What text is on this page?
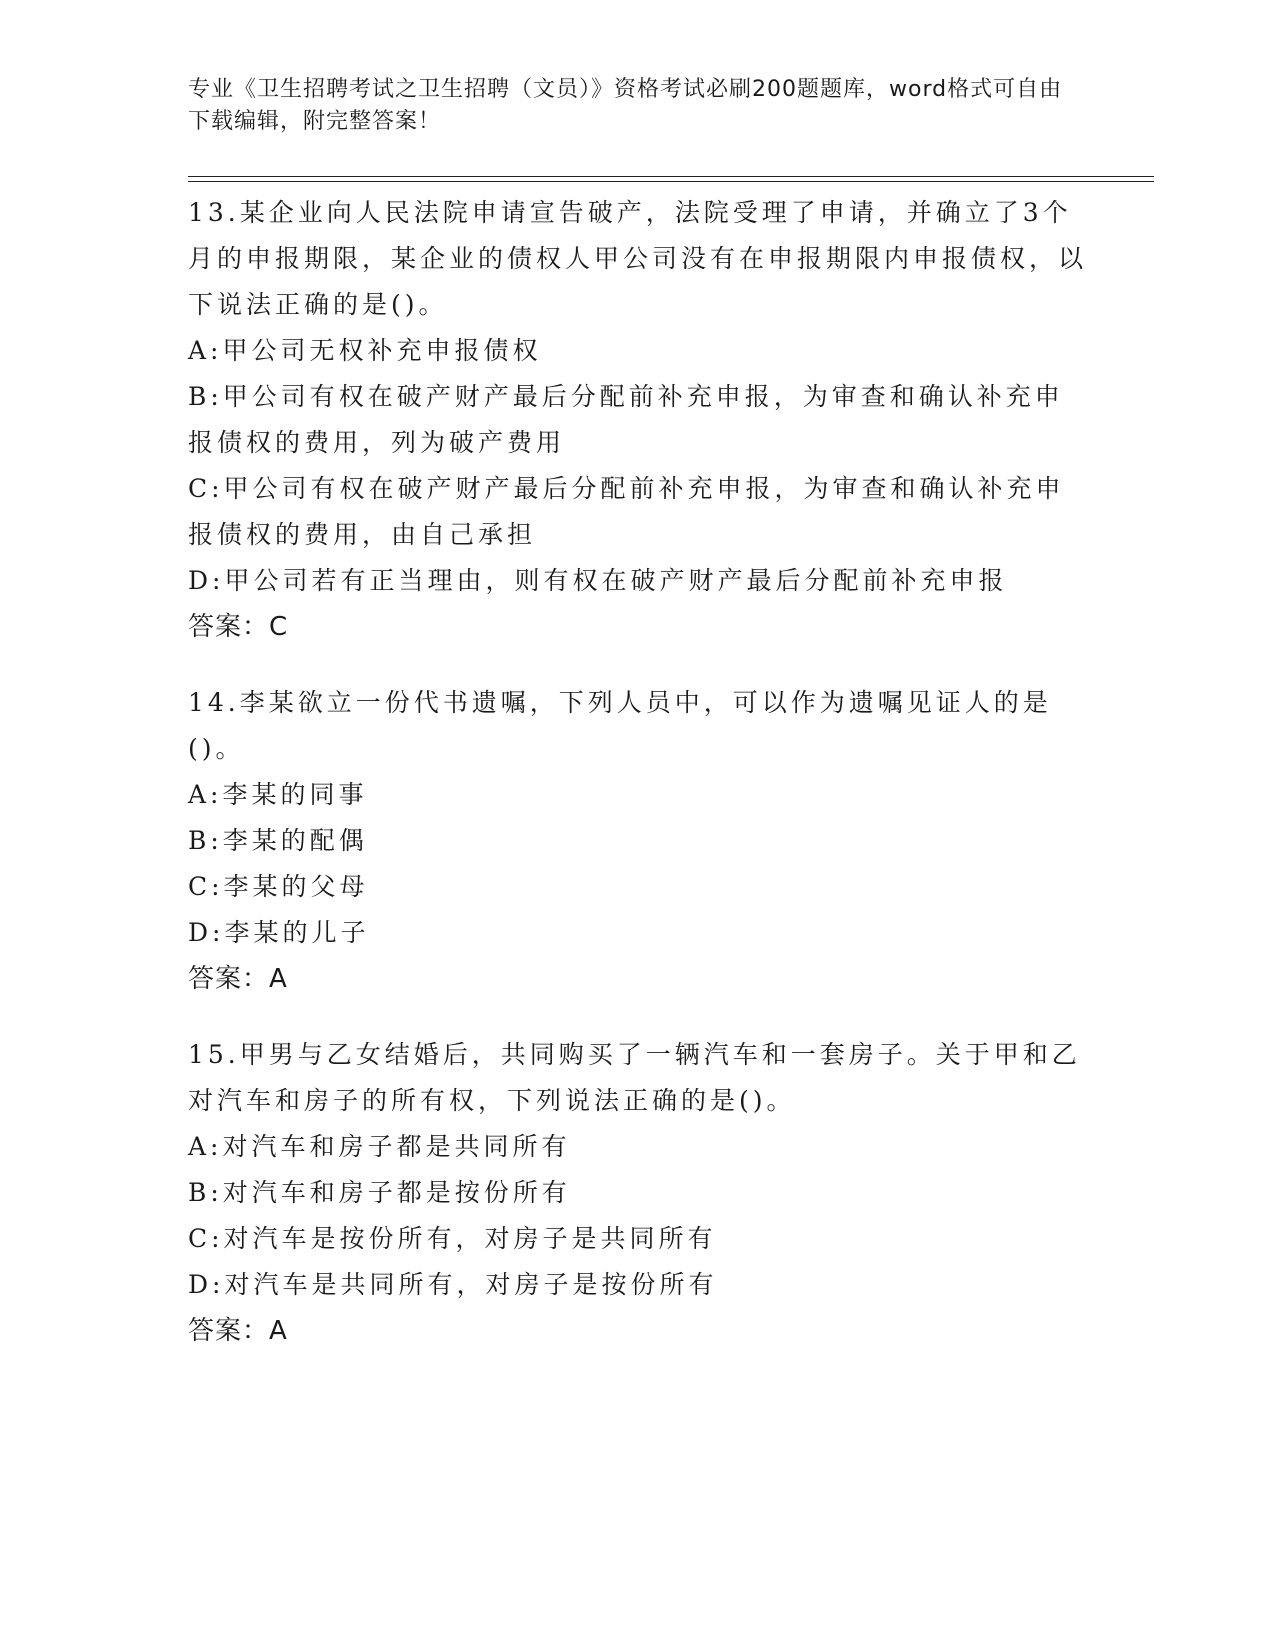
专业《卫生招聘考试之卫生招聘（文员）》资格考试必刷200题题库，word格式可自由下载编辑，附完整答案！
13.某企业向人民法院申请宣告破产，法院受理了申请，并确立了3个月的申报期限，某企业的债权人甲公司没有在申报期限内申报债权，以下说法正确的是()。
A:甲公司无权补充申报债权
B:甲公司有权在破产财产最后分配前补充申报，为审查和确认补充申报债权的费用，列为破产费用
C:甲公司有权在破产财产最后分配前补充申报，为审查和确认补充申报债权的费用，由自己承担
D:甲公司若有正当理由，则有权在破产财产最后分配前补充申报
答案：C
14.李某欲立一份代书遗嘱，下列人员中，可以作为遗嘱见证人的是()。
A:李某的同事
B:李某的配偶
C:李某的父母
D:李某的儿子
答案：A
15.甲男与乙女结婚后，共同购买了一辆汽车和一套房子。关于甲和乙对汽车和房子的所有权，下列说法正确的是()。
A:对汽车和房子都是共同所有
B:对汽车和房子都是按份所有
C:对汽车是按份所有，对房子是共同所有
D:对汽车是共同所有，对房子是按份所有
答案：A
